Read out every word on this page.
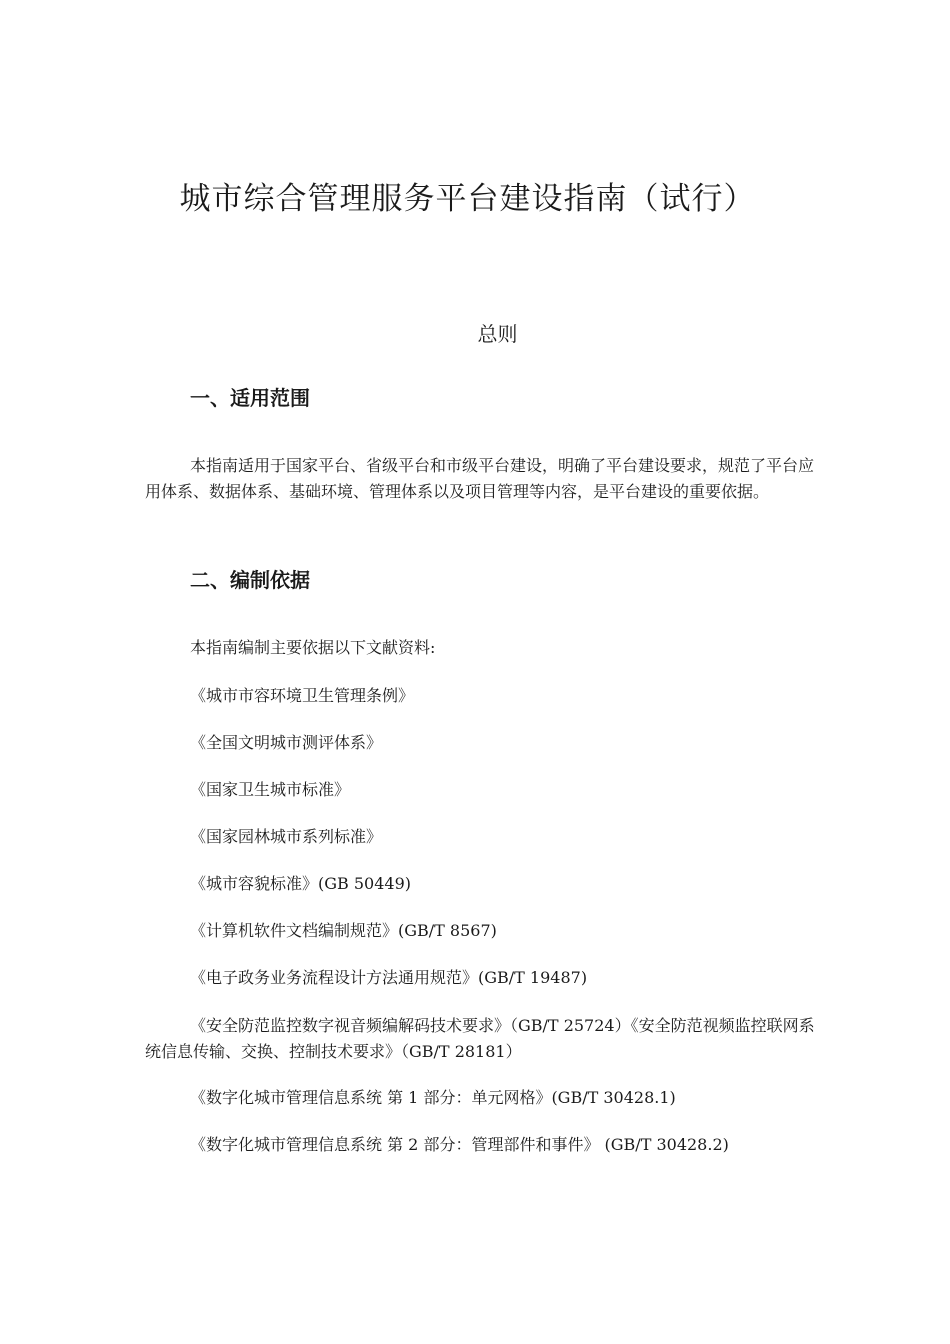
城市综合管理服务平台建设指南（试行）
总则
一、适用范围

本指南适用于国家平台、省级平台和市级平台建设，明确了平台建设要求，规范了平台应用体系、数据体系、基础环境、管理体系以及项目管理等内容，是平台建设的重要依据。

二、编制依据

本指南编制主要依据以下文献资料:

《城市市容环境卫生管理条例》

《全国文明城市测评体系》

《国家卫生城市标准》

《国家园林城市系列标准》

《城市容貌标准》(GB 50449)

《计算机软件文档编制规范》(GB/T 8567)

《电子政务业务流程设计方法通用规范》(GB/T 19487)

《安全防范监控数字视音频编解码技术要求》（GB/T 25724）《安全防范视频监控联网系统信息传输、交换、控制技术要求》（GB/T 28181）

《数字化城市管理信息系统 第 1 部分：单元网格》(GB/T 30428.1)

《数字化城市管理信息系统 第 2 部分：管理部件和事件》 (GB/T 30428.2)
